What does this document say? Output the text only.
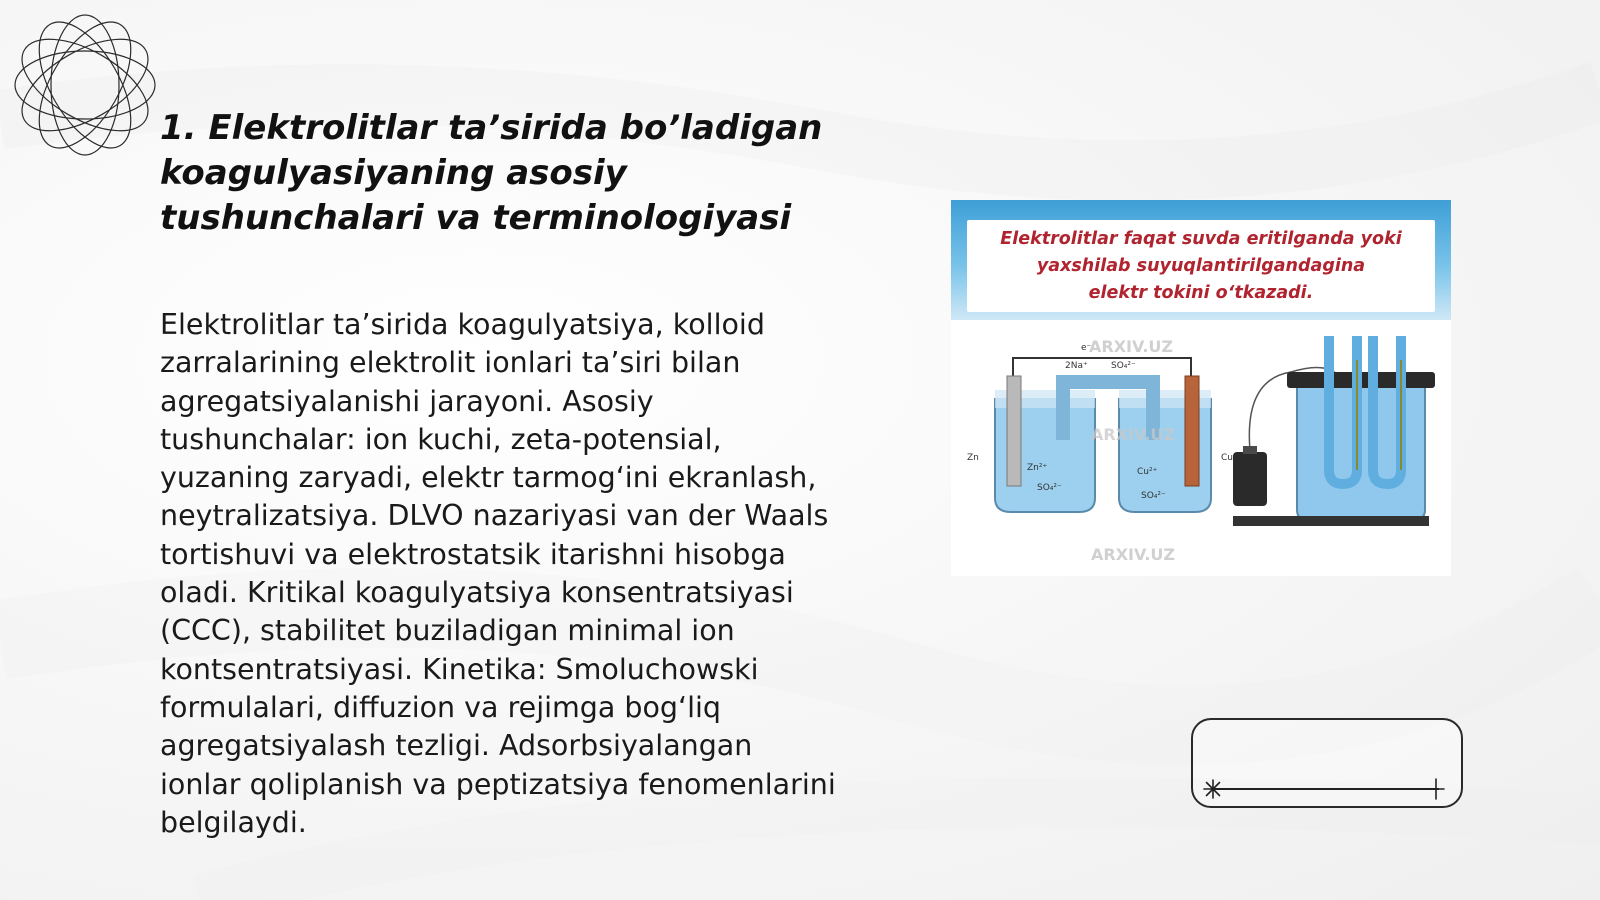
1. Elektrolitlar ta’sirida bo’ladigan koagulyasiyaning asosiy tushunchalari va terminologiyasi

Elektrolitlar ta’sirida koagulyatsiya, kolloid zarralarining elektrolit ionlari ta’siri bilan agregatsiyalanishi jarayoni. Asosiy tushunchalar: ion kuchi, zeta-potensial, yuzaning zaryadi, elektr tarmog‘ini ekranlash, neytralizatsiya. DLVO nazariyasi van der Waals tortishuvi va elektrostatsik itarishni hisobga oladi. Kritikal koagulyatsiya konsentratsiyasi (CCC), stabilitet buziladigan minimal ion kontsentratsiyasi. Kinetika: Smoluchowski formulalari, diffuzion va rejimga bog‘liq agregatsiyalash tezligi. Adsorbsiyalangan ionlar qoliplanish va peptizatsiya fenomenlarini belgilaydi.

Elektrolitlar faqat suvda eritilganda yoki
yaxshilab suyuqlantirilgandagina
elektr tokini o‘tkazadi.
2Na⁺	SO₄²⁻
e⁻
Zn
Zn²⁺
SO₄²⁻
Cu²⁺
SO₄²⁻
Cu
ARXIV.UZ
ARXIV.UZ
ARXIV.UZ
